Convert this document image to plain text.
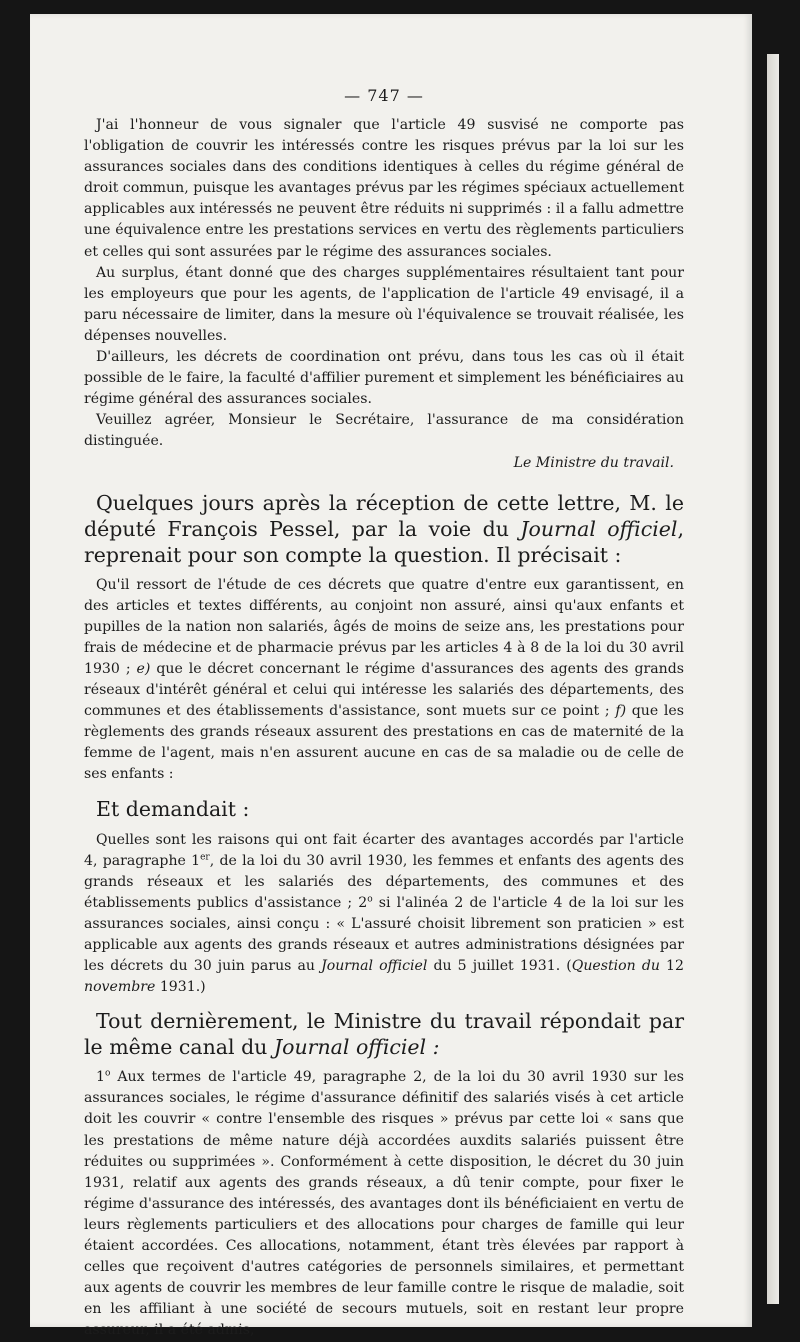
— 747 —

J'ai l'honneur de vous signaler que l'article 49 susvisé ne comporte pas l'obligation de couvrir les intéressés contre les risques prévus par la loi sur les assurances sociales dans des conditions identiques à celles du régime général de droit commun, puisque les avantages prévus par les régimes spéciaux actuellement applicables aux intéressés ne peuvent être réduits ni supprimés : il a fallu admettre une équivalence entre les prestations services en vertu des règlements particuliers et celles qui sont assurées par le régime des assurances sociales.

Au surplus, étant donné que des charges supplémentaires résultaient tant pour les employeurs que pour les agents, de l'application de l'article 49 envisagé, il a paru nécessaire de limiter, dans la mesure où l'équivalence se trouvait réalisée, les dépenses nouvelles.

D'ailleurs, les décrets de coordination ont prévu, dans tous les cas où il était possible de le faire, la faculté d'affilier purement et simplement les bénéficiaires au régime général des assurances sociales.

Veuillez agréer, Monsieur le Secrétaire, l'assurance de ma considération distinguée.

Le Ministre du travail.

Quelques jours après la réception de cette lettre, M. le député François Pessel, par la voie du Journal officiel, reprenait pour son compte la question. Il précisait :

Qu'il ressort de l'étude de ces décrets que quatre d'entre eux garantissent, en des articles et textes différents, au conjoint non assuré, ainsi qu'aux enfants et pupilles de la nation non salariés, âgés de moins de seize ans, les prestations pour frais de médecine et de pharmacie prévus par les articles 4 à 8 de la loi du 30 avril 1930 ; e) que le décret concernant le régime d'assurances des agents des grands réseaux d'intérêt général et celui qui intéresse les salariés des départements, des communes et des établissements d'assistance, sont muets sur ce point ; f) que les règlements des grands réseaux assurent des prestations en cas de maternité de la femme de l'agent, mais n'en assurent aucune en cas de sa maladie ou de celle de ses enfants :

Et demandait :

Quelles sont les raisons qui ont fait écarter des avantages accordés par l'article 4, paragraphe 1er, de la loi du 30 avril 1930, les femmes et enfants des agents des grands réseaux et les salariés des départements, des communes et des établissements publics d'assistance ; 2$^o$ si l'alinéa 2 de l'article 4 de la loi sur les assurances sociales, ainsi conçu : « L'assuré choisit librement son praticien » est applicable aux agents des grands réseaux et autres administrations désignées par les décrets du 30 juin parus au Journal officiel du 5 juillet 1931. (Question du 12 novembre 1931.)

Tout dernièrement, le Ministre du travail répondait par le même canal du Journal officiel :

1$^o$ Aux termes de l'article 49, paragraphe 2, de la loi du 30 avril 1930 sur les assurances sociales, le régime d'assurance définitif des salariés visés à cet article doit les couvrir « contre l'ensemble des risques » prévus par cette loi « sans que les prestations de même nature déjà accordées auxdits salariés puissent être réduites ou supprimées ». Conformément à cette disposition, le décret du 30 juin 1931, relatif aux agents des grands réseaux, a dû tenir compte, pour fixer le régime d'assurance des intéressés, des avantages dont ils bénéficiaient en vertu de leurs règlements particuliers et des allocations pour charges de famille qui leur étaient accordées. Ces allocations, notamment, étant très élevées par rapport à celles que reçoivent d'autres catégories de personnels similaires, et permettant aux agents de couvrir les membres de leur famille contre le risque de maladie, soit en les affiliant à une société de secours mutuels, soit en restant leur propre assureur, il a été admis,
